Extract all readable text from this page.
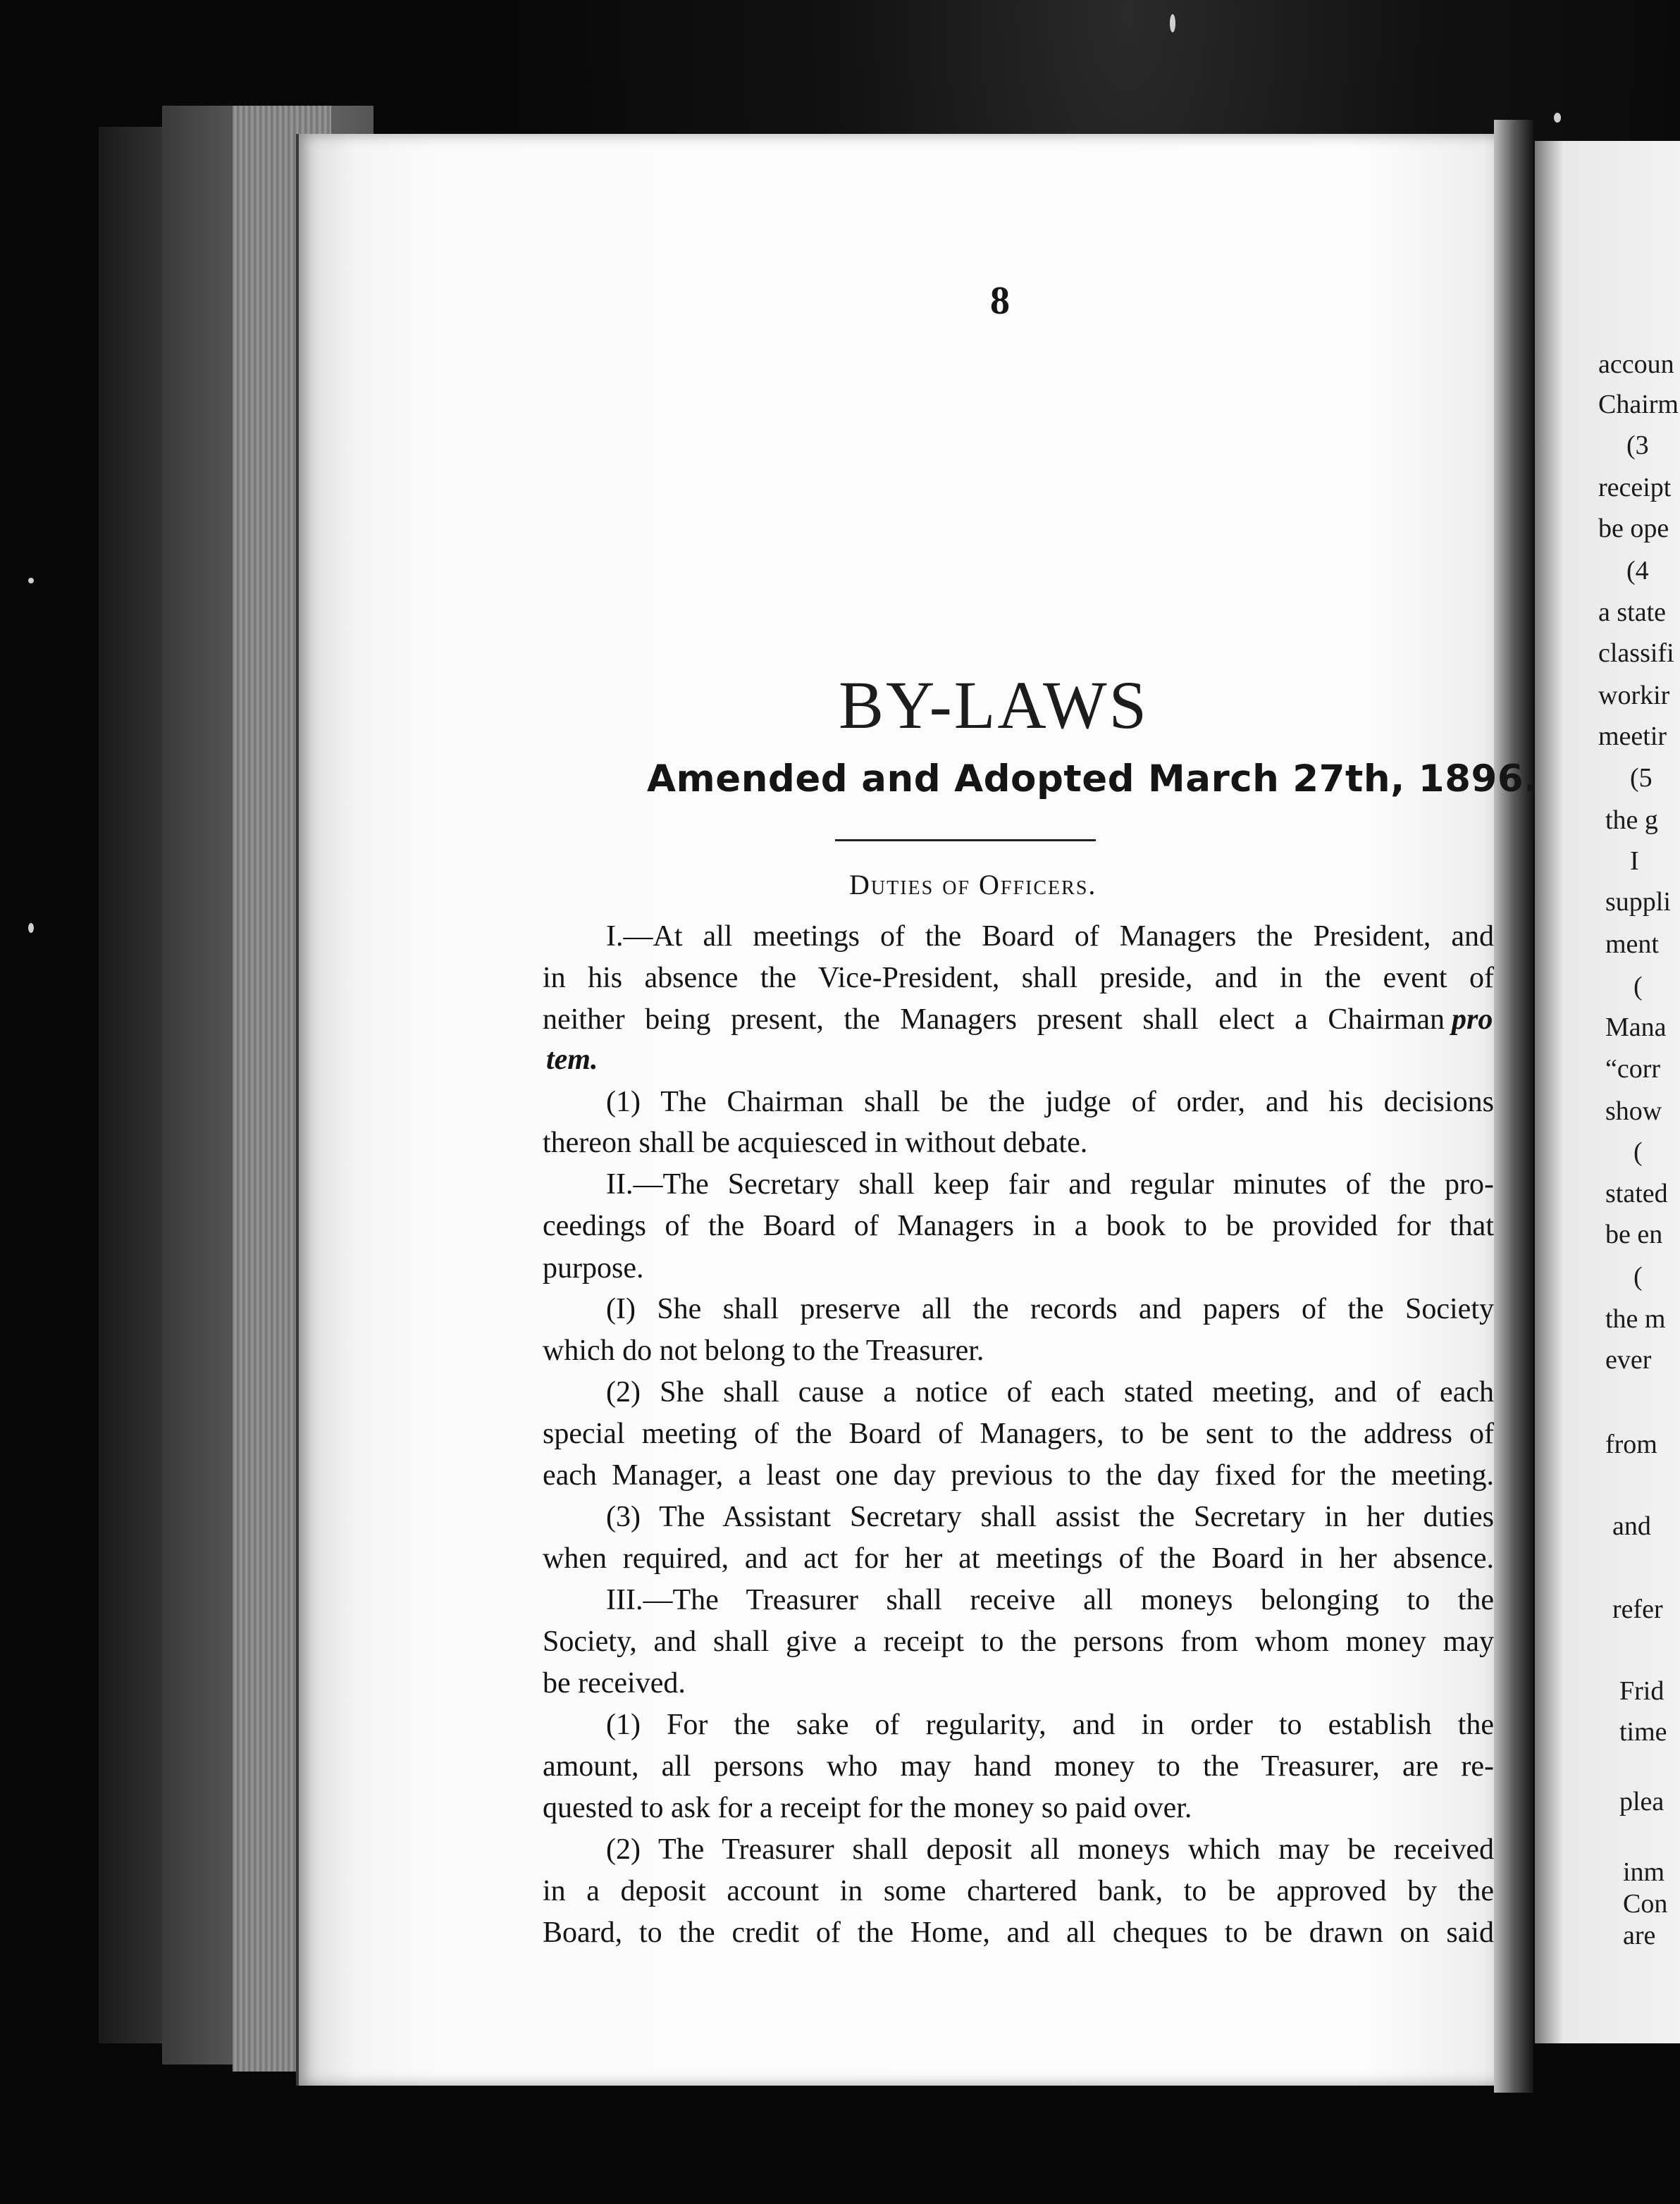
accoun
Chairm
(3
receipt
be ope
(4
a state
classifi
workir
meetir
(5
the g
I
suppli
ment
(
Mana
“corr
show
(
stated
be en
(
the m
ever
from
and
refer
Frid
time
plea
inm
Con
are
8
BY-LAWS
Amended and Adopted March 27th, 1896.
Duties of Officers.
I.—At all meetings of the Board of Managers the President, and
in his absence the Vice-President, shall preside, and in the event of
neither being present, the Managers present shall elect a Chairman pro
tem.
(1) The Chairman shall be the judge of order, and his decisions
thereon shall be acquiesced in without debate.
II.—The Secretary shall keep fair and regular minutes of the pro-
ceedings of the Board of Managers in a book to be provided for that
purpose.
(I) She shall preserve all the records and papers of the Society
which do not belong to the Treasurer.
(2) She shall cause a notice of each stated meeting, and of each
special meeting of the Board of Managers, to be sent to the address of
each Manager, a least one day previous to the day fixed for the meeting.
(3) The Assistant Secretary shall assist the Secretary in her duties
when required, and act for her at meetings of the Board in her absence.
III.—The Treasurer shall receive all moneys belonging to the
Society, and shall give a receipt to the persons from whom money may
be received.
(1) For the sake of regularity, and in order to establish the
amount, all persons who may hand money to the Treasurer, are re-
quested to ask for a receipt for the money so paid over.
(2) The Treasurer shall deposit all moneys which may be received
in a deposit account in some chartered bank, to be approved by the
Board, to the credit of the Home, and all cheques to be drawn on said
